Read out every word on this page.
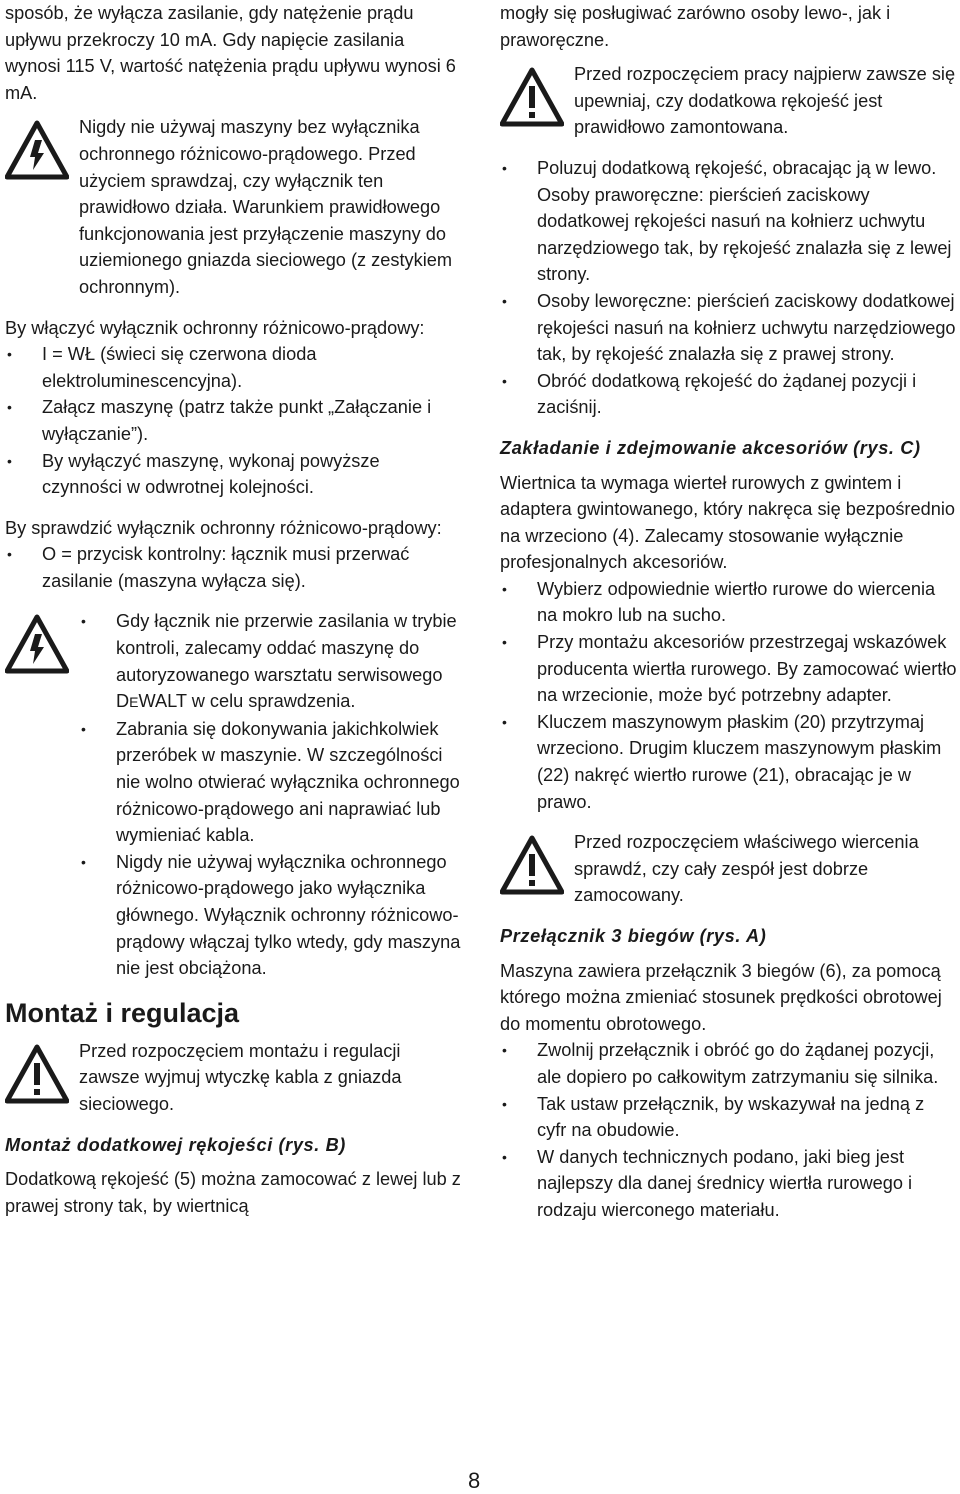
sposób, że wyłącza zasilanie, gdy natężenie prądu upływu przekroczy 10 mA. Gdy napięcie zasilania wynosi 115 V, wartość natężenia prądu upływu wynosi 6 mA.

Nigdy nie używaj maszyny bez wyłącznika ochronnego różnicowo-prądowego. Przed użyciem sprawdzaj, czy wyłącznik ten prawidłowo działa. Warunkiem prawidłowego funkcjonowania jest przyłączenie maszyny do uziemionego gniazda sieciowego (z zestykiem ochronnym).

By włączyć wyłącznik ochronny różnicowo-prądowy:

• I = WŁ (świeci się czerwona dioda elektroluminescencyjna).
• Załącz maszynę (patrz także punkt „Załączanie i wyłączanie”).
• By wyłączyć maszynę, wykonaj powyższe czynności w odwrotnej kolejności.

By sprawdzić wyłącznik ochronny różnicowo-prądowy:

• O = przycisk kontrolny: łącznik musi przerwać zasilanie (maszyna wyłącza się).
• Gdy łącznik nie przerwie zasilania w trybie kontroli, zalecamy oddać maszynę do autoryzowanego warsztatu serwisowego DEWALT w celu sprawdzenia.
• Zabrania się dokonywania jakichkolwiek przeróbek w maszynie. W szczególności nie wolno otwierać wyłącznika ochronnego różnicowo-prądowego ani naprawiać lub wymieniać kabla.
• Nigdy nie używaj wyłącznika ochronnego różnicowo-prądowego jako wyłącznika głównego. Wyłącznik ochronny różnicowo-prądowy włączaj tylko wtedy, gdy maszyna nie jest obciążona.
Montaż i regulacja

Przed rozpoczęciem montażu i regulacji zawsze wyjmuj wtyczkę kabla z gniazda sieciowego.

Montaż dodatkowej rękojeści (rys. B)

Dodatkową rękojeść (5) można zamocować z lewej lub z prawej strony tak, by wiertnicą

mogły się posługiwać zarówno osoby lewo-, jak i praworęczne.

Przed rozpoczęciem pracy najpierw zawsze się upewniaj, czy dodatkowa rękojeść jest prawidłowo zamontowana.

• Poluzuj dodatkową rękojeść, obracając ją w lewo. Osoby praworęczne: pierścień zaciskowy dodatkowej rękojeści nasuń na kołnierz uchwytu narzędziowego tak, by rękojeść znalazła się z lewej strony.
• Osoby leworęczne: pierścień zaciskowy dodatkowej rękojeści nasuń na kołnierz uchwytu narzędziowego tak, by rękojeść znalazła się z prawej strony.
• Obróć dodatkową rękojeść do żądanej pozycji i zaciśnij.
Zakładanie i zdejmowanie akcesoriów (rys. C)

Wiertnica ta wymaga wierteł rurowych z gwintem i adaptera gwintowanego, który nakręca się bezpośrednio na wrzeciono (4). Zalecamy stosowanie wyłącznie profesjonalnych akcesoriów.

• Wybierz odpowiednie wiertło rurowe do wiercenia na mokro lub na sucho.
• Przy montażu akcesoriów przestrzegaj wskazówek producenta wiertła rurowego. By zamocować wiertło na wrzecionie, może być potrzebny adapter.
• Kluczem maszynowym płaskim (20) przytrzymaj wrzeciono. Drugim kluczem maszynowym płaskim (22) nakręć wiertło rurowe (21), obracając je w prawo.

Przed rozpoczęciem właściwego wiercenia sprawdź, czy cały zespół jest dobrze zamocowany.

Przełącznik 3 biegów (rys. A)

Maszyna zawiera przełącznik 3 biegów (6), za pomocą którego można zmieniać stosunek prędkości obrotowej do momentu obrotowego.

• Zwolnij przełącznik i obróć go do żądanej pozycji, ale dopiero po całkowitym zatrzymaniu się silnika.
• Tak ustaw przełącznik, by wskazywał na jedną z cyfr na obudowie.
• W danych technicznych podano, jaki bieg jest najlepszy dla danej średnicy wiertła rurowego i rodzaju wierconego materiału.
8
